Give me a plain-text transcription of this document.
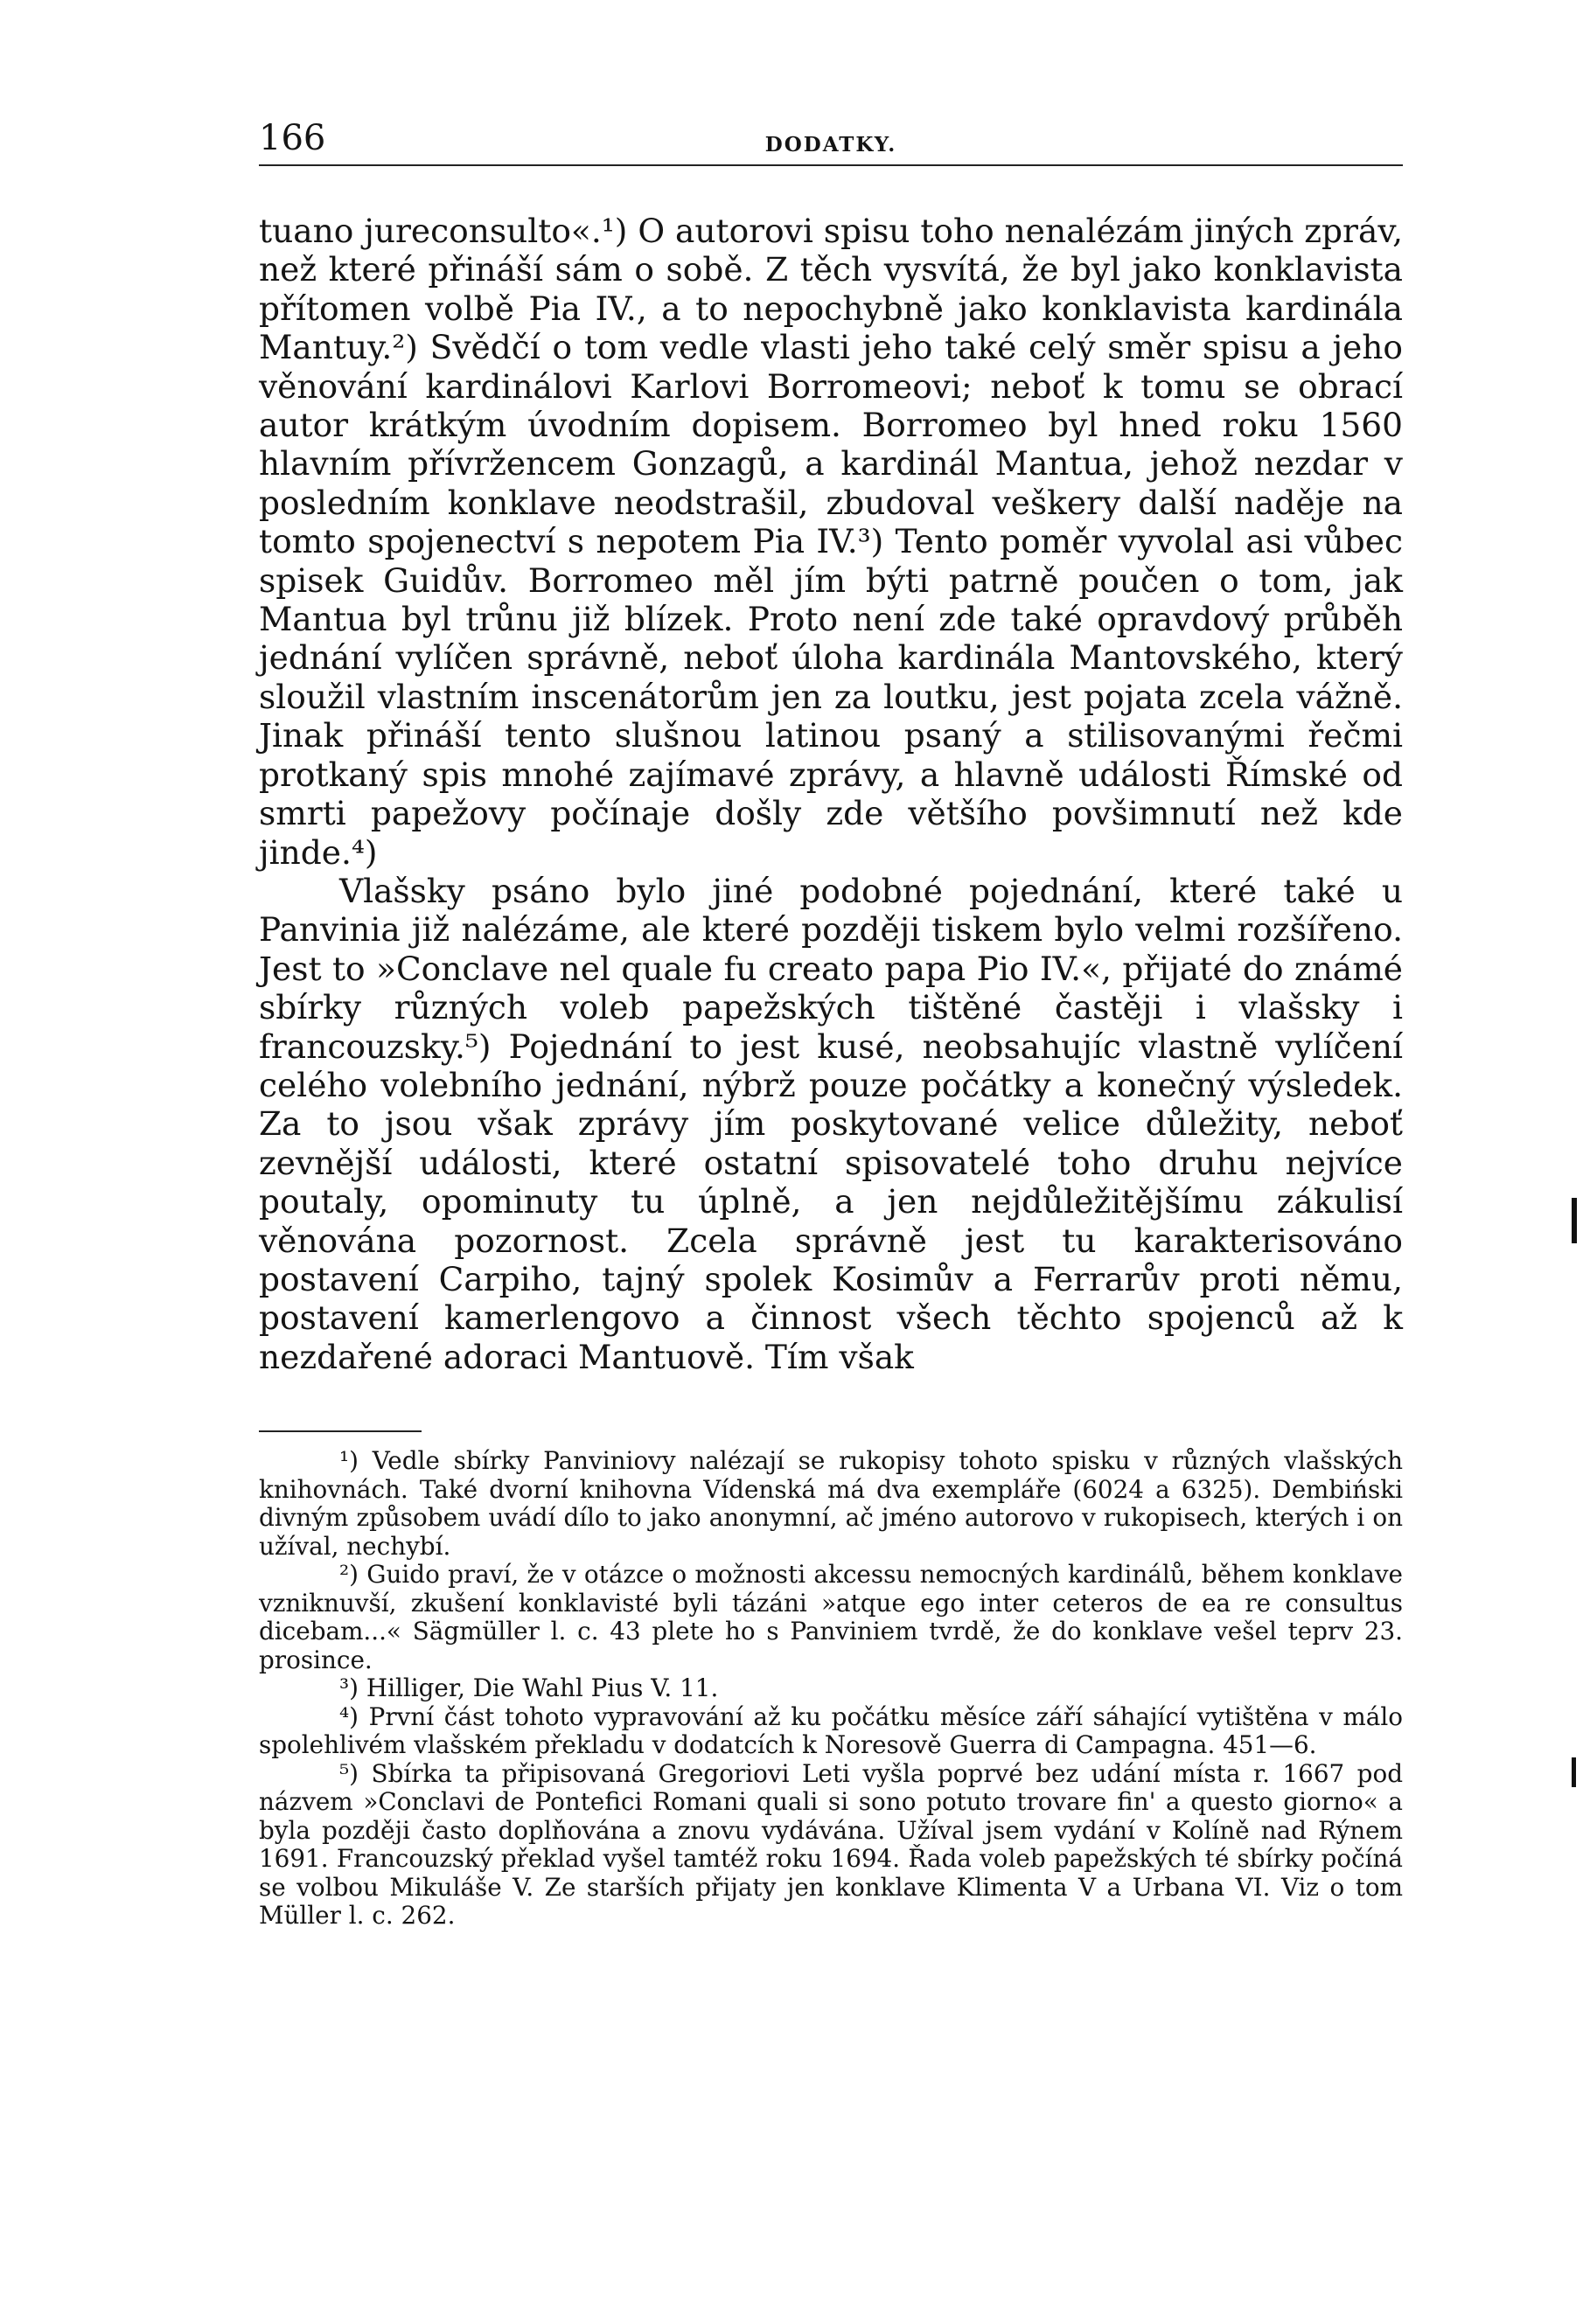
166	DODATKY.

tuano jureconsulto«.¹) O autorovi spisu toho nenalézám jiných zpráv, než které přináší sám o sobě. Z těch vysvítá, že byl jako konklavista přítomen volbě Pia IV., a to nepochybně jako konklavista kardinála Mantuy.²) Svědčí o tom vedle vlasti jeho také celý směr spisu a jeho věnování kardinálovi Karlovi Borromeovi; neboť k tomu se obrací autor krátkým úvodním dopisem. Borromeo byl hned roku 1560 hlavním přívržencem Gonzagů, a kardinál Mantua, jehož nezdar v posledním konklave neodstrašil, zbudoval veškery další naděje na tomto spojenectví s nepotem Pia IV.³) Tento poměr vyvolal asi vůbec spisek Guidův. Borromeo měl jím býti patrně poučen o tom, jak Mantua byl trůnu již blízek. Proto není zde také opravdový průběh jednání vylíčen správně, neboť úloha kardinála Mantovského, který sloužil vlastním inscenátorům jen za loutku, jest pojata zcela vážně. Jinak přináší tento slušnou latinou psaný a stilisovanými řečmi protkaný spis mnohé zajímavé zprávy, a hlavně události Římské od smrti papežovy počínaje došly zde většího povšimnutí než kde jinde.⁴)

Vlašsky psáno bylo jiné podobné pojednání, které také u Panvinia již nalézáme, ale které později tiskem bylo velmi rozšířeno. Jest to »Conclave nel quale fu creato papa Pio IV.«, přijaté do známé sbírky různých voleb papežských tištěné častěji i vlašsky i francouzsky.⁵) Pojednání to jest kusé, neobsahujíc vlastně vylíčení celého volebního jednání, nýbrž pouze počátky a konečný výsledek. Za to jsou však zprávy jím poskytované velice důležity, neboť zevnější události, které ostatní spisovatelé toho druhu nejvíce poutaly, opominuty tu úplně, a jen nejdůležitějšímu zákulisí věnována pozornost. Zcela správně jest tu karakterisováno postavení Carpiho, tajný spolek Kosimův a Ferrarův proti němu, postavení kamerlengovo a činnost všech těchto spojenců až k nezdařené adoraci Mantuově. Tím však

¹) Vedle sbírky Panviniovy nalézají se rukopisy tohoto spisku v různých vlašských knihovnách. Také dvorní knihovna Vídenská má dva exempláře (6024 a 6325). Dembiński divným způsobem uvádí dílo to jako anonymní, ač jméno autorovo v rukopisech, kterých i on užíval, nechybí.

²) Guido praví, že v otázce o možnosti akcessu nemocných kardinálů, během konklave vzniknuvší, zkušení konklavisté byli tázáni »atque ego inter ceteros de ea re consultus dicebam...« Sägmüller l. c. 43 plete ho s Panviniem tvrdě, že do konklave vešel teprv 23. prosince.

³) Hilliger, Die Wahl Pius V. 11.

⁴) První část tohoto vypravování až ku počátku měsíce září sáhající vytištěna v málo spolehlivém vlašském překladu v dodatcích k Noresově Guerra di Campagna. 451—6.

⁵) Sbírka ta připisovaná Gregoriovi Leti vyšla poprvé bez udání místa r. 1667 pod názvem »Conclavi de Pontefici Romani quali si sono potuto trovare fin' a questo giorno« a byla později často doplňována a znovu vydávána. Užíval jsem vydání v Kolíně nad Rýnem 1691. Francouzský překlad vyšel tamtéž roku 1694. Řada voleb papežských té sbírky počíná se volbou Mikuláše V. Ze starších přijaty jen konklave Klimenta V a Urbana VI. Viz o tom Müller l. c. 262.
